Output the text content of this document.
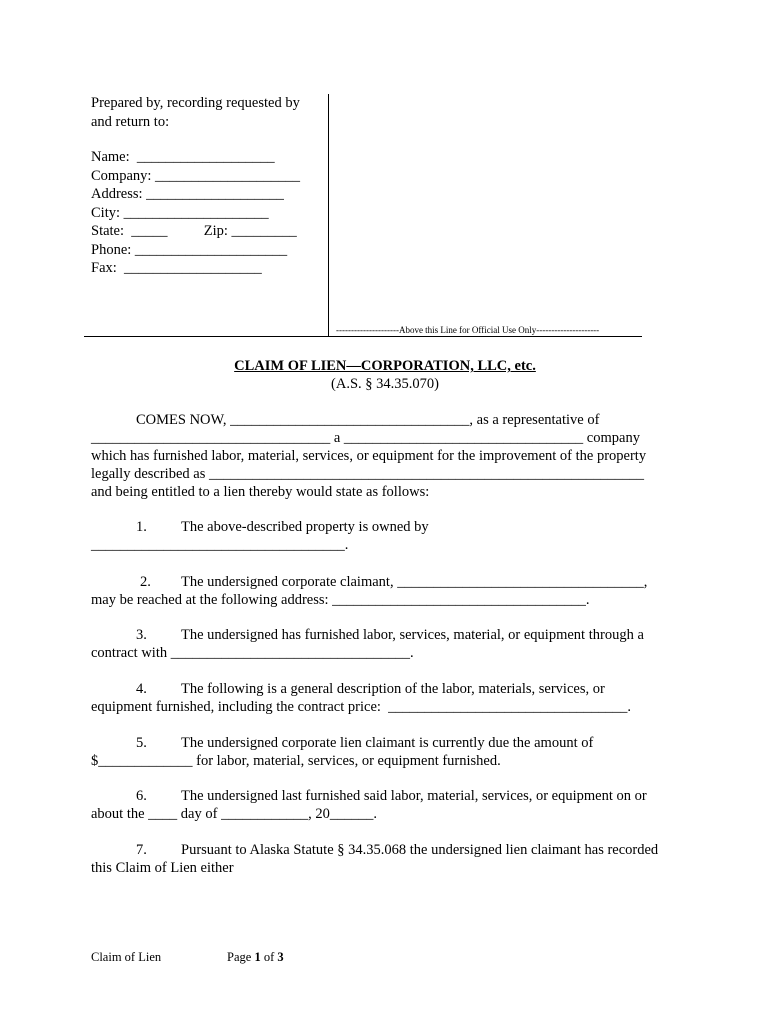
Prepared by, recording requested by
and return to:
Name:  ___________________
Company: ____________________
Address: ___________________
City: ____________________
State:  _____          Zip: _________
Phone: _____________________
Fax:  ___________________
---------------------Above this Line for Official Use Only---------------------
CLAIM OF LIEN—CORPORATION, LLC, etc.
(A.S. § 34.35.070)
COMES NOW, _________________________________, as a representative of
_________________________________ a _________________________________ company
which has furnished labor, material, services, or equipment for the improvement of the property
legally described as ____________________________________________________________
and being entitled to a lien thereby would state as follows:
1. The above-described property is owned by
___________________________________.
2. The undersigned corporate claimant, __________________________________,
may be reached at the following address: ___________________________________.
3. The undersigned has furnished labor, services, material, or equipment through a
contract with _________________________________.
4. The following is a general description of the labor, materials, services, or
equipment furnished, including the contract price:  _________________________________.
5. The undersigned corporate lien claimant is currently due the amount of
$_____________ for labor, material, services, or equipment furnished.
6. The undersigned last furnished said labor, material, services, or equipment on or
about the ____ day of ____________, 20______.
7. Pursuant to Alaska Statute § 34.35.068 the undersigned lien claimant has recorded
this Claim of Lien either
Claim of Lien	Page 1 of 3
